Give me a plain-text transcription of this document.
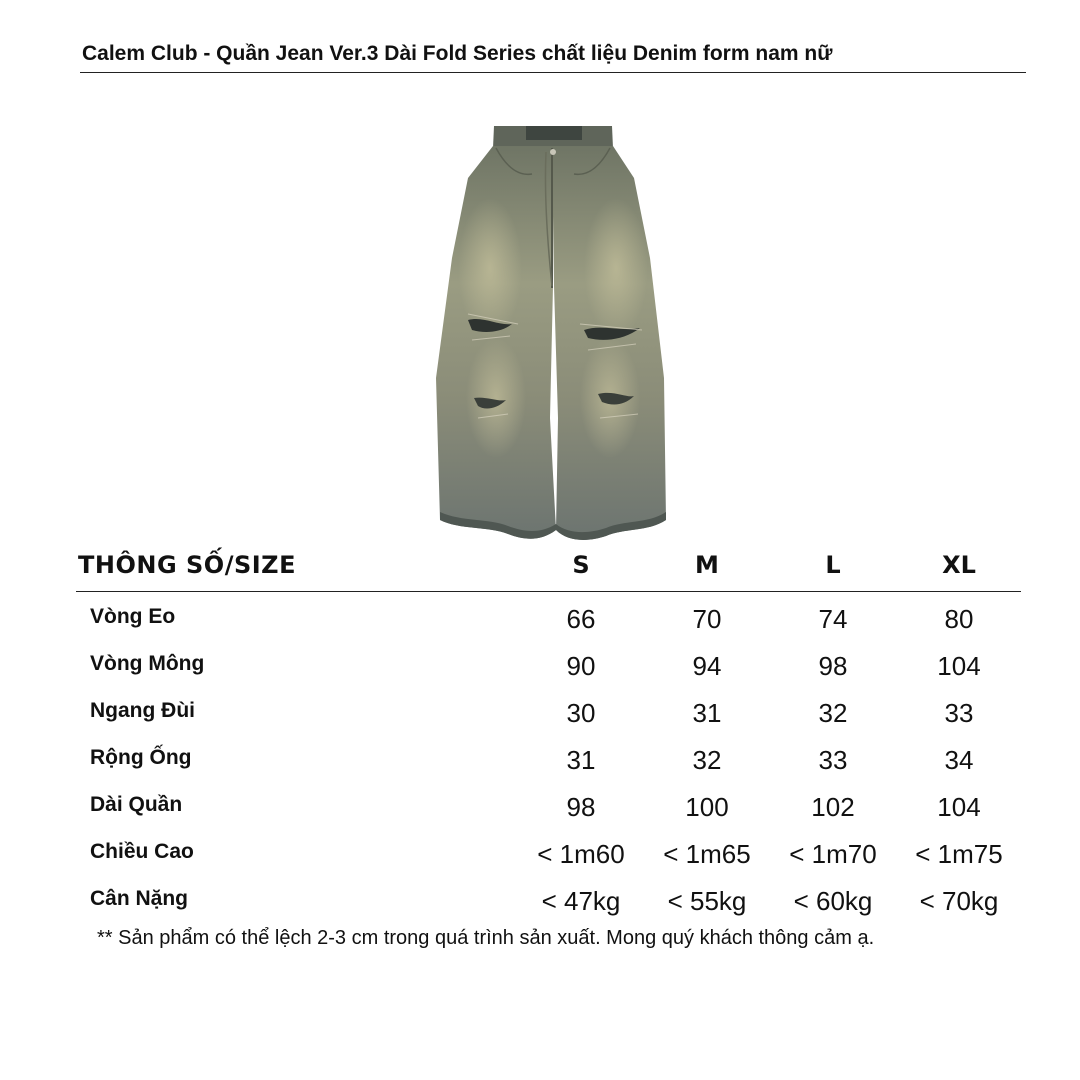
Calem Club - Quần Jean Ver.3 Dài Fold Series chất liệu Denim form nam nữ
THÔNG SỐ/SIZE	S	M	L	XL
Vòng Eo	66	70	74	80
Vòng Mông	90	94	98	104
Ngang Đùi	30	31	32	33
Rộng Ống	31	32	33	34
Dài Quần	98	100	102	104
Chiều Cao	< 1m60	< 1m65	< 1m70	< 1m75
Cân Nặng	< 47kg	< 55kg	< 60kg	< 70kg
** Sản phẩm có thể lệch 2-3 cm trong quá trình sản xuất. Mong quý khách thông cảm ạ.
